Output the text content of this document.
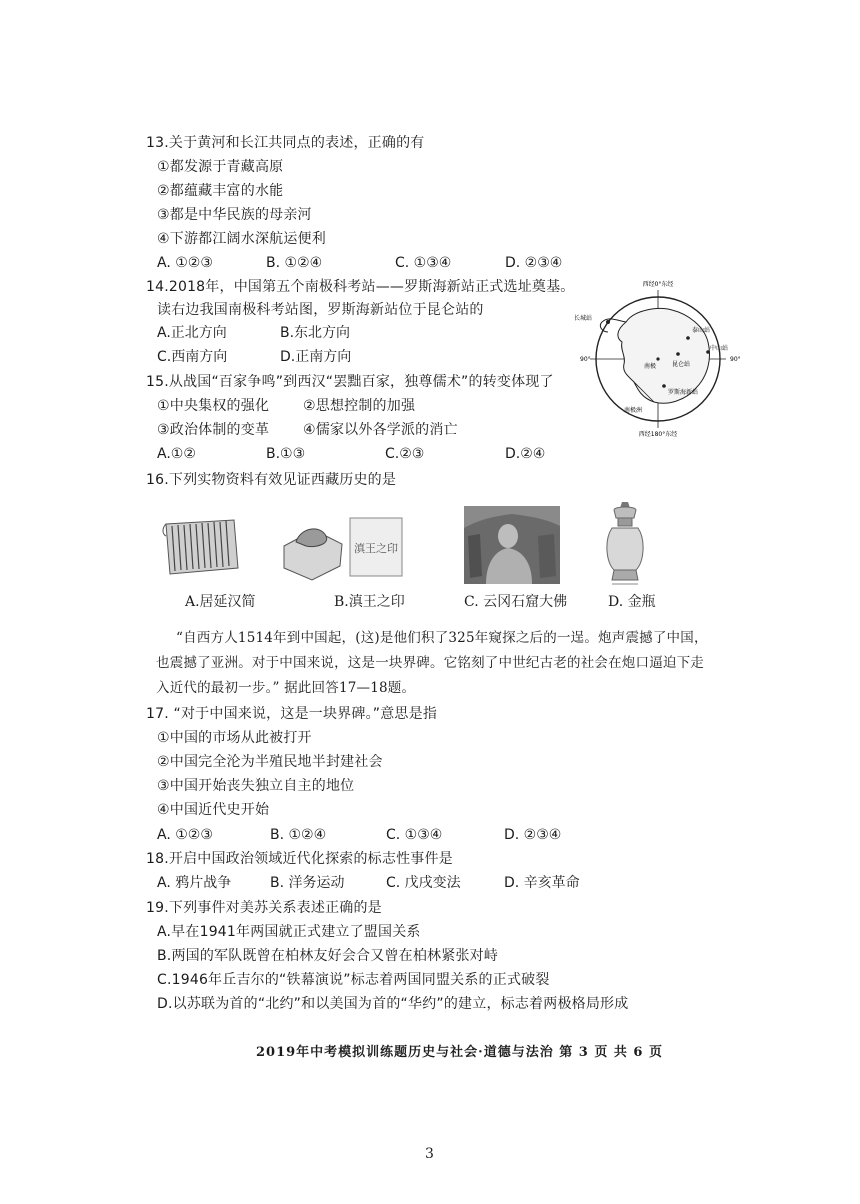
13.关于黄河和长江共同点的表述，正确的有
①都发源于青藏高原
②都蕴藏丰富的水能
③都是中华民族的母亲河
④下游都江阔水深航运便利
A. ①②③	B. ①②④	C. ①③④	D. ②③④
14.2018年，中国第五个南极科考站——罗斯海新站正式选址奠基。
读右边我国南极科考站图，罗斯海新站位于昆仑站的
A.正北方向	B.东北方向
C.西南方向	D.正南方向
西经0°东经
西经180°东经
90°	90°
长城站
泰山站
中山站
昆仑站
南极
罗斯海新站
南极洲
15.从战国“百家争鸣”到西汉“罢黜百家，独尊儒术”的转变体现了
①中央集权的强化 ②思想控制的加强
③政治体制的变革 ④儒家以外各学派的消亡
A.①②	B.①③	C.②③	D.②④
16.下列实物资料有效见证西藏历史的是
滇王之印
A.居延汉简	B.滇王之印	C. 云冈石窟大佛	D. 金瓶
“自西方人1514年到中国起，(这)是他们积了325年窥探之后的一逞。炮声震撼了中国，
也震撼了亚洲。对于中国来说，这是一块界碑。它铭刻了中世纪古老的社会在炮口逼迫下走
入近代的最初一步。” 据此回答17—18题。
17. “对于中国来说，这是一块界碑。”意思是指
①中国的市场从此被打开
②中国完全沦为半殖民地半封建社会
③中国开始丧失独立自主的地位
④中国近代史开始
A. ①②③	B. ①②④	C. ①③④	D. ②③④
18.开启中国政治领域近代化探索的标志性事件是
A. 鸦片战争	B. 洋务运动	C. 戊戌变法	D. 辛亥革命
19.下列事件对美苏关系表述正确的是
A.早在1941年两国就正式建立了盟国关系
B.两国的军队既曾在柏林友好会合又曾在柏林紧张对峙
C.1946年丘吉尔的“铁幕演说”标志着两国同盟关系的正式破裂
D.以苏联为首的“北约”和以美国为首的“华约”的建立，标志着两极格局形成
2019年中考模拟训练题历史与社会·道德与法治 第 3 页 共 6 页
3
